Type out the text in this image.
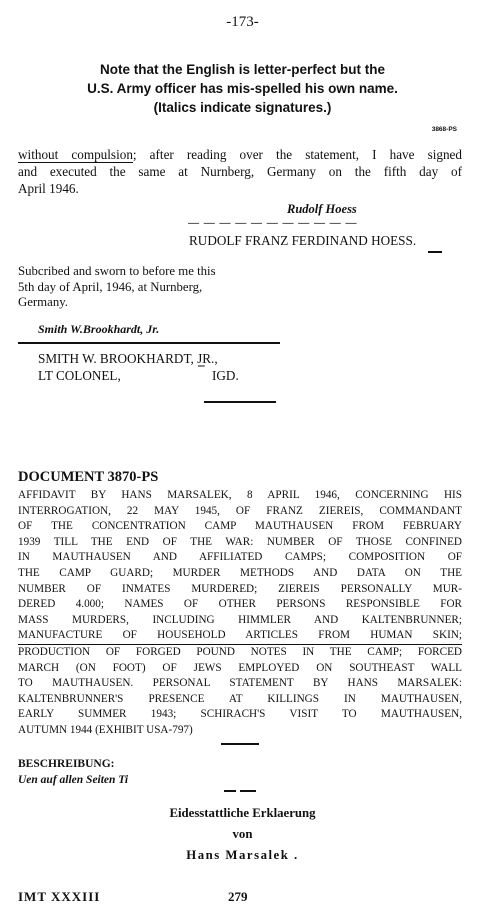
-173-
Note that the English is letter-perfect but the
U.S. Army officer has mis-spelled his own name.
(Italics indicate signatures.)
3868-PS
without compulsion; after reading over the statement, I have signed
and executed the same at Nurnberg, Germany on the fifth day of
April 1946.
Rudolf Hoess
— — — — — — — — — — —
RUDOLF FRANZ FERDINAND HOESS.
Subcribed and sworn to before me this
5th day of April, 1946, at Nurnberg,
Germany.
Smith W.Brookhardt, Jr.
SMITH W. BROOKHARDT, JR.,
LT COLONEL,	¯ IGD.
DOCUMENT 3870-PS
AFFIDAVIT BY HANS MARSALEK, 8 APRIL 1946, CONCERNING HIS
INTERROGATION, 22 MAY 1945, OF FRANZ ZIEREIS, COMMANDANT
OF THE CONCENTRATION CAMP MAUTHAUSEN FROM FEBRUARY
1939 TILL THE END OF THE WAR: NUMBER OF THOSE CONFINED
IN MAUTHAUSEN AND AFFILIATED CAMPS; COMPOSITION OF
THE CAMP GUARD; MURDER METHODS AND DATA ON THE
NUMBER OF INMATES MURDERED; ZIEREIS PERSONALLY MUR-
DERED 4.000; NAMES OF OTHER PERSONS RESPONSIBLE FOR
MASS MURDERS, INCLUDING HIMMLER AND KALTENBRUNNER;
MANUFACTURE OF HOUSEHOLD ARTICLES FROM HUMAN SKIN;
PRODUCTION OF FORGED POUND NOTES IN THE CAMP; FORCED
MARCH (ON FOOT) OF JEWS EMPLOYED ON SOUTHEAST WALL
TO MAUTHAUSEN. PERSONAL STATEMENT BY HANS MARSALEK:
KALTENBRUNNER'S PRESENCE AT KILLINGS IN MAUTHAUSEN,
EARLY SUMMER 1943; SCHIRACH'S VISIT TO MAUTHAUSEN,
AUTUMN 1944 (EXHIBIT USA-797)
BESCHREIBUNG:
Uen auf allen Seiten Ti
Eidesstattliche Erklaerung
von
Hans Marsalek .
IMT XXXIII	279
